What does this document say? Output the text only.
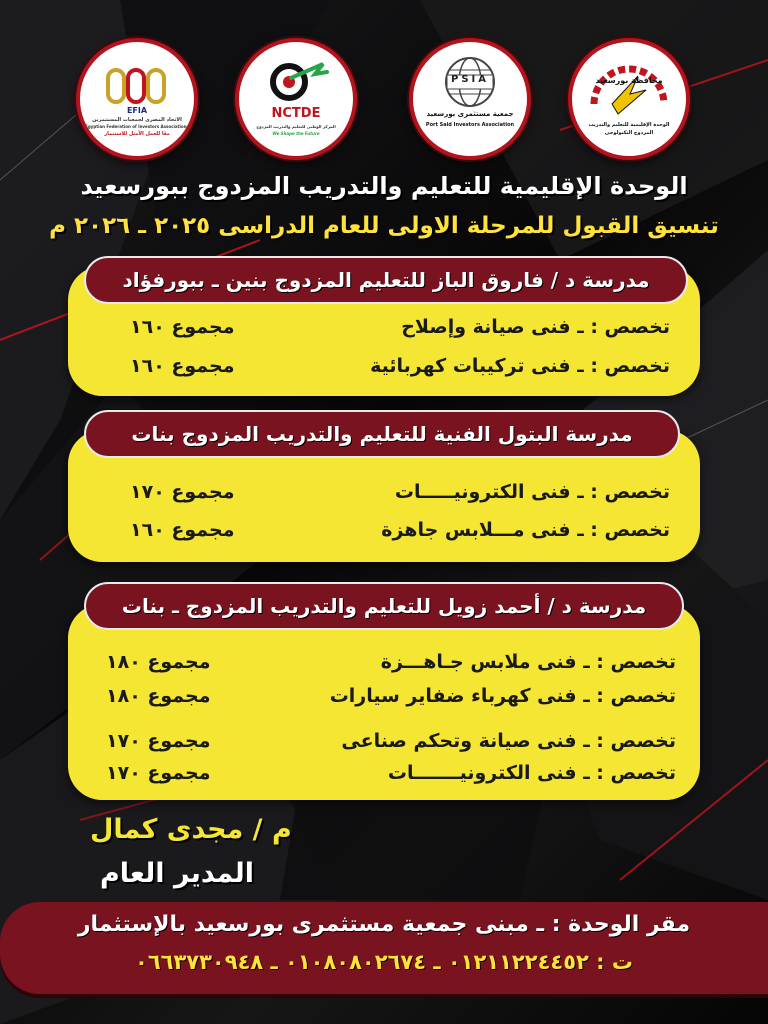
EFIA
الاتحاد المصرى لجمعيات المستثمرين
Egyptian Federation of Investors Associations
معًا للعمل الأمثل للاستثمار
NCTDE
المركز الوطنى للتعليم والتدريب المزدوج
We Shape the Future
PSIA
جمعية مستثمرى بورسعيد
Port Said Investors Association
محافظة بورسعيد
الوحدة الإقليمية للتعليم والتدريب
المزدوج التكنولوجى
الوحدة الإقليمية للتعليم والتدريب المزدوج ببورسعيد
تنسيق القبول للمرحلة الاولى للعام الدراسى ٢٠٢٥ ـ ٢٠٢٦ م
مدرسة د / فاروق الباز للتعليم المزدوج بنين ـ ببورفؤاد
تخصص : ـ فنى صيانة وإصلاح
مجموع ١٦٠
تخصص : ـ فنى تركيبات كهربائية
مجموع ١٦٠
مدرسة البتول الفنية للتعليم والتدريب المزدوج بنات
تخصص : ـ فنى الكترونيـــــات
مجموع ١٧٠
تخصص : ـ فنى مـــلابس جاهزة
مجموع ١٦٠
مدرسة د / أحمد زويل للتعليم والتدريب المزدوج ـ بنات
تخصص : ـ فنى ملابس جـاهـــزة
مجموع ١٨٠
تخصص : ـ فنى كهرباء ضفاير سيارات
مجموع ١٨٠
تخصص : ـ فنى صيانة وتحكم صناعى
مجموع ١٧٠
تخصص : ـ فنى الكترونيـــــــات
مجموع ١٧٠
م / مجدى كمال
المدير العام
مقر الوحدة : ـ مبنى جمعية مستثمرى بورسعيد بالإستثمار
ت : ٠١٢١١٢٢٤٤٥٢ ـ ٠١٠٨٠٨٠٢٦٧٤ ـ ٠٦٦٣٧٣٠٩٤٨
